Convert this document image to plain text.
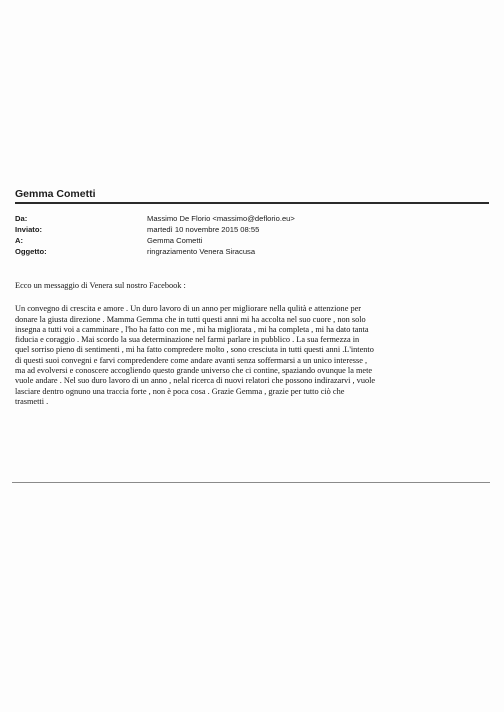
Gemma Cometti
Da:	Massimo De Florio <massimo@deflorio.eu>
Inviato:	martedì 10 novembre 2015 08:55
A:	Gemma Cometti
Oggetto:	ringraziamento Venera Siracusa

Ecco un messaggio di Venera sul nostro Facebook :

Un convegno di crescita e amore . Un duro lavoro di un anno per migliorare nella qulità e attenzione per
donare la giusta direzione . Mamma Gemma che in tutti questi anni mi ha accolta nel suo cuore , non solo
insegna a tutti voi a camminare , l'ho ha fatto con me , mi ha migliorata , mi ha completa , mi ha dato tanta
fiducia e coraggio . Mai scordo la sua determinazione nel farmi parlare in pubblico . La sua fermezza in
quel sorriso pieno di sentimenti , mi ha fatto compredere molto , sono cresciuta in tutti questi anni .L'intento
di questi suoi convegni e farvi compredendere come andare avanti senza soffermarsi a un unico interesse ,
ma ad evolversi e conoscere accogliendo questo grande universo che ci contine, spaziando ovunque la mete
vuole andare . Nel suo duro lavoro di un anno , nelal ricerca di nuovi relatori che possono indirazarvi , vuole
lasciare dentro ognuno una traccia forte , non è poca cosa . Grazie Gemma , grazie per tutto ciò che
trasmetti .
